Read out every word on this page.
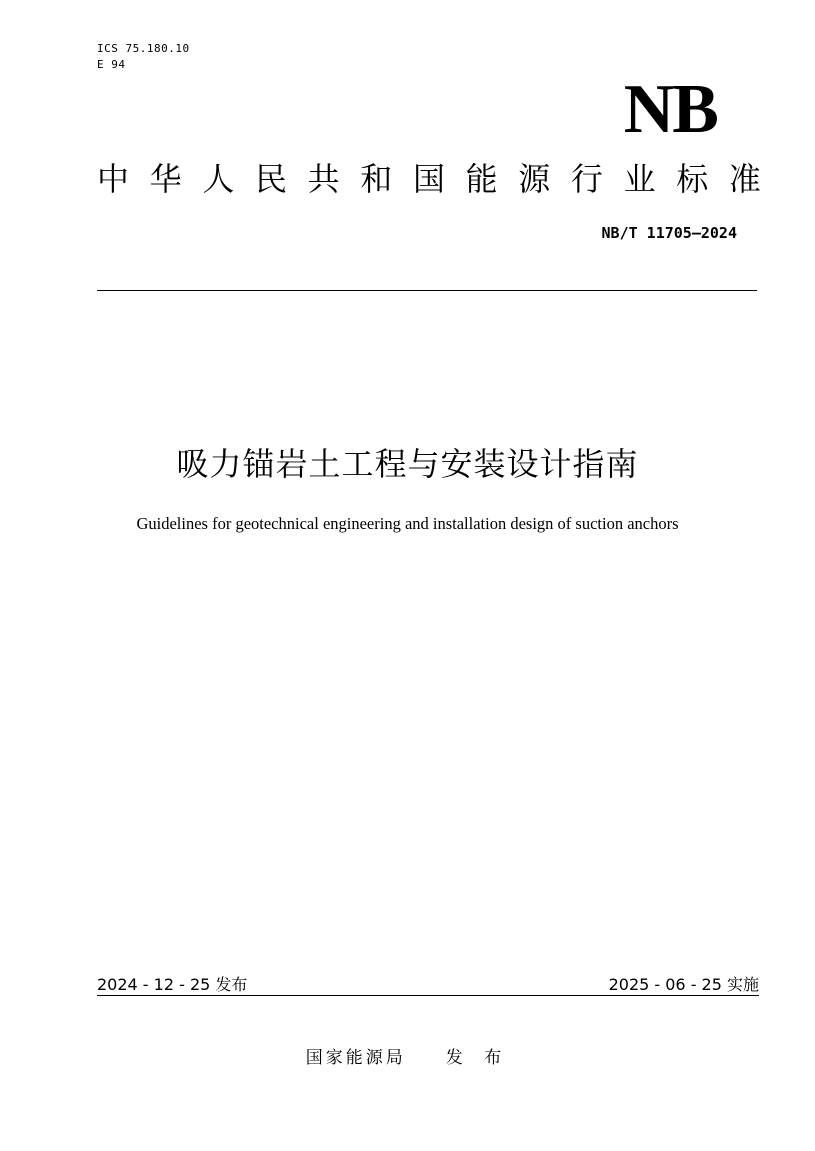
ICS 75.180.10
E 94
NB
中 华 人 民 共 和 国 能 源 行 业 标 准
NB/T 11705—2024
吸力锚岩土工程与安装设计指南
Guidelines for geotechnical engineering and installation design of suction anchors
2024 - 12 - 25 发布	2025 - 06 - 25 实施
国家能源局 发 布
